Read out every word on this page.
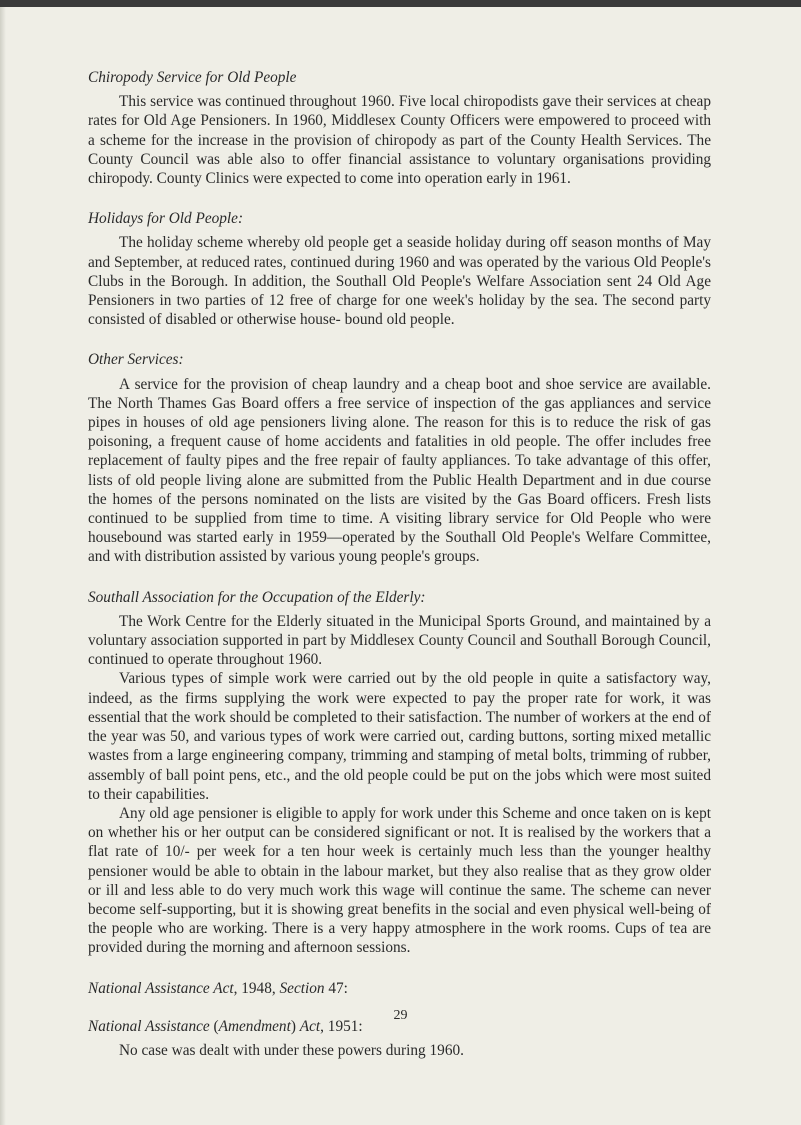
Chiropody Service for Old People

This service was continued throughout 1960. Five local chiropodists gave their services at cheap rates for Old Age Pensioners. In 1960, Middlesex County Officers were empowered to proceed with a scheme for the increase in the provision of chiropody as part of the County Health Services. The County Council was able also to offer financial assistance to voluntary organisations providing chiropody. County Clinics were expected to come into operation early in 1961.

Holidays for Old People:

The holiday scheme whereby old people get a seaside holiday during off season months of May and September, at reduced rates, continued during 1960 and was operated by the various Old People's Clubs in the Borough. In addition, the Southall Old People's Welfare Association sent 24 Old Age Pensioners in two parties of 12 free of charge for one week's holiday by the sea. The second party consisted of disabled or otherwise house- bound old people.

Other Services:

A service for the provision of cheap laundry and a cheap boot and shoe service are available. The North Thames Gas Board offers a free service of inspection of the gas appliances and service pipes in houses of old age pensioners living alone. The reason for this is to reduce the risk of gas poisoning, a frequent cause of home accidents and fatalities in old people. The offer includes free replacement of faulty pipes and the free repair of faulty appliances. To take advantage of this offer, lists of old people living alone are submitted from the Public Health Department and in due course the homes of the persons nominated on the lists are visited by the Gas Board officers. Fresh lists continued to be supplied from time to time. A visiting library service for Old People who were housebound was started early in 1959—operated by the Southall Old People's Welfare Committee, and with distribution assisted by various young people's groups.

Southall Association for the Occupation of the Elderly:

The Work Centre for the Elderly situated in the Municipal Sports Ground, and maintained by a voluntary association supported in part by Middlesex County Council and Southall Borough Council, continued to operate throughout 1960.

Various types of simple work were carried out by the old people in quite a satisfactory way, indeed, as the firms supplying the work were expected to pay the proper rate for work, it was essential that the work should be completed to their satisfaction. The number of workers at the end of the year was 50, and various types of work were carried out, carding buttons, sorting mixed metallic wastes from a large engineering company, trimming and stamping of metal bolts, trimming of rubber, assembly of ball point pens, etc., and the old people could be put on the jobs which were most suited to their capabilities.

Any old age pensioner is eligible to apply for work under this Scheme and once taken on is kept on whether his or her output can be considered significant or not. It is realised by the workers that a flat rate of 10/- per week for a ten hour week is certainly much less than the younger healthy pensioner would be able to obtain in the labour market, but they also realise that as they grow older or ill and less able to do very much work this wage will continue the same. The scheme can never become self-supporting, but it is showing great benefits in the social and even physical well-being of the people who are working. There is a very happy atmosphere in the work rooms. Cups of tea are provided during the morning and afternoon sessions.

National Assistance Act, 1948, Section 47:
National Assistance (Amendment) Act, 1951:

No case was dealt with under these powers during 1960.

29
